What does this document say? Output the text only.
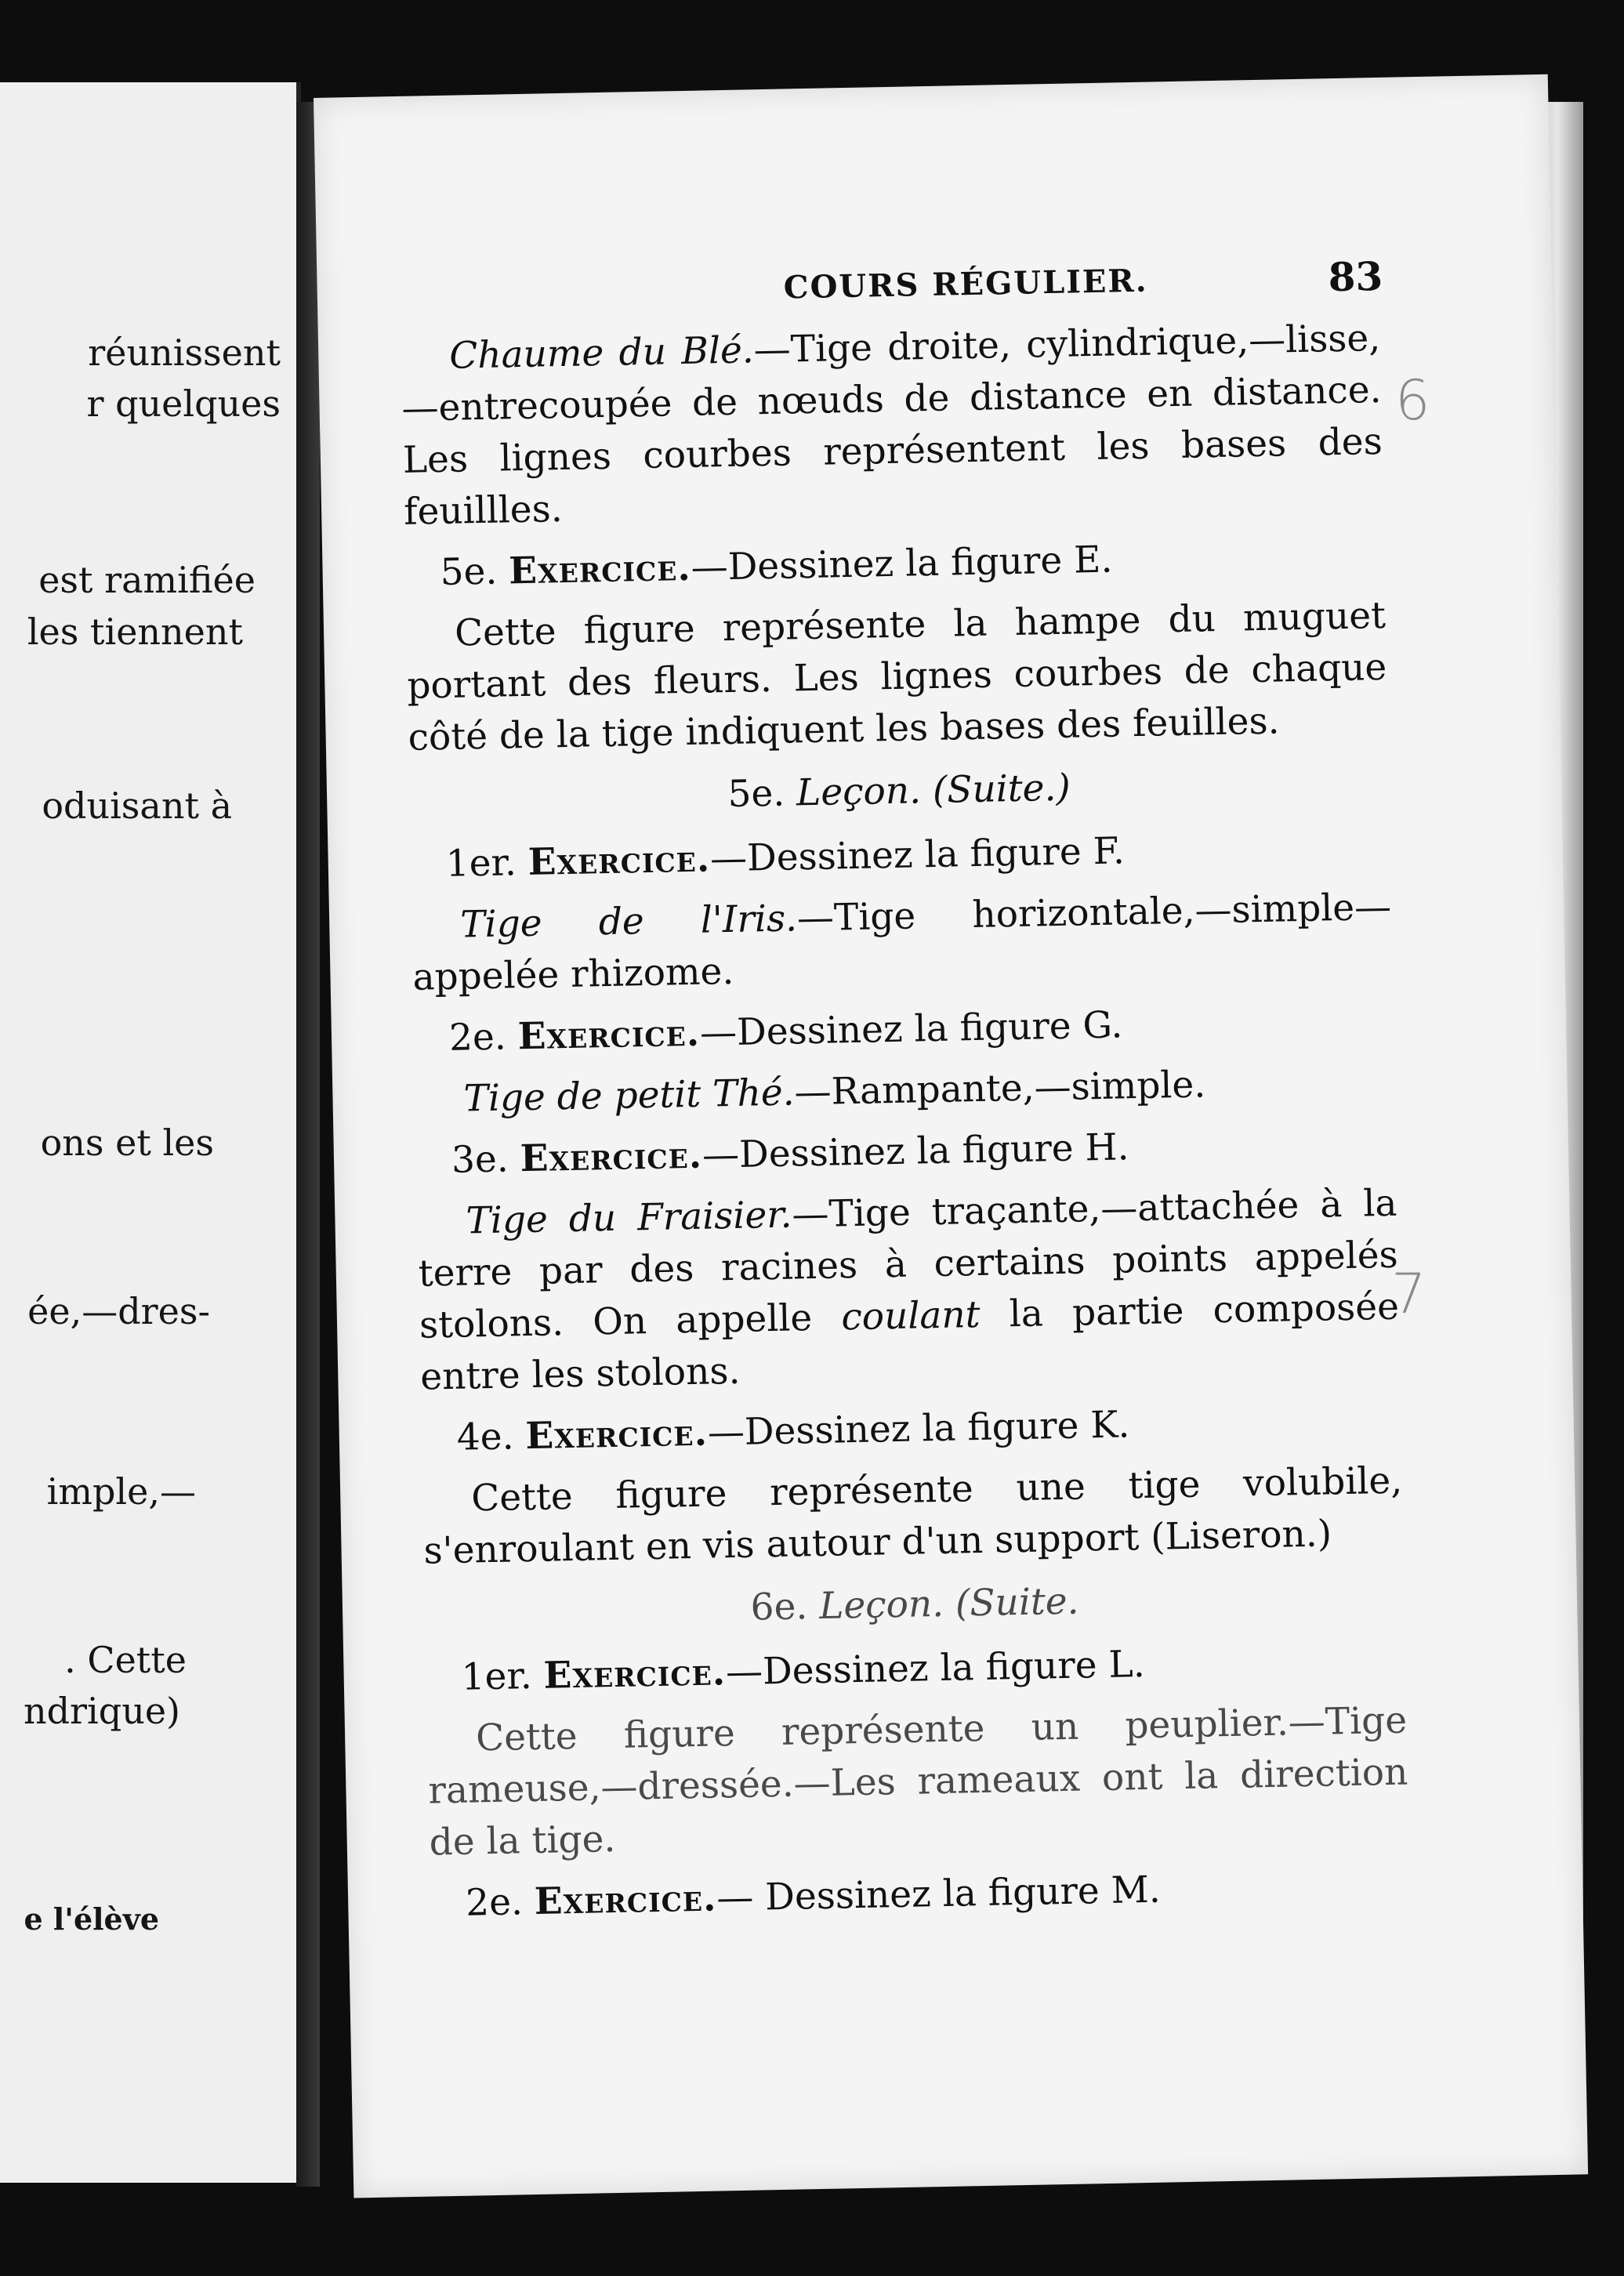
réunissent
r quelques
est ramifiée
les tiennent
oduisant à
ons et les
ée,—dres-
imple,—
. Cette
ndrique)
e l'élève
COURS RÉGULIER.	83

Chaume du Blé.—Tige droite, cylindrique,—lisse,—entrecoupée de nœuds de distance en distance. Les lignes courbes représentent les bases des feuillles.

5e. Exercice.—Dessinez la figure E.

Cette figure représente la hampe du muguet portant des fleurs. Les lignes courbes de chaque côté de la tige indiquent les bases des feuilles.

5e. Leçon. (Suite.)

1er. Exercice.—Dessinez la figure F.

Tige de l'Iris.—Tige horizontale,—simple—appelée rhizome.

2e. Exercice.—Dessinez la figure G.

Tige de petit Thé.—Rampante,—simple.

3e. Exercice.—Dessinez la figure H.

Tige du Fraisier.—Tige traçante,—attachée à la terre par des racines à certains points appelés stolons. On appelle coulant la partie composée entre les stolons.

4e. Exercice.—Dessinez la figure K.

Cette figure représente une tige volubile, s'enroulant en vis autour d'un support (Liseron.)

6e. Leçon. (Suite.

1er. Exercice.—Dessinez la figure L.

Cette figure représente un peuplier.—Tige rameuse,—dressée.—Les rameaux ont la direction de la tige.

2e. Exercice.— Dessinez la figure M.

6
7
